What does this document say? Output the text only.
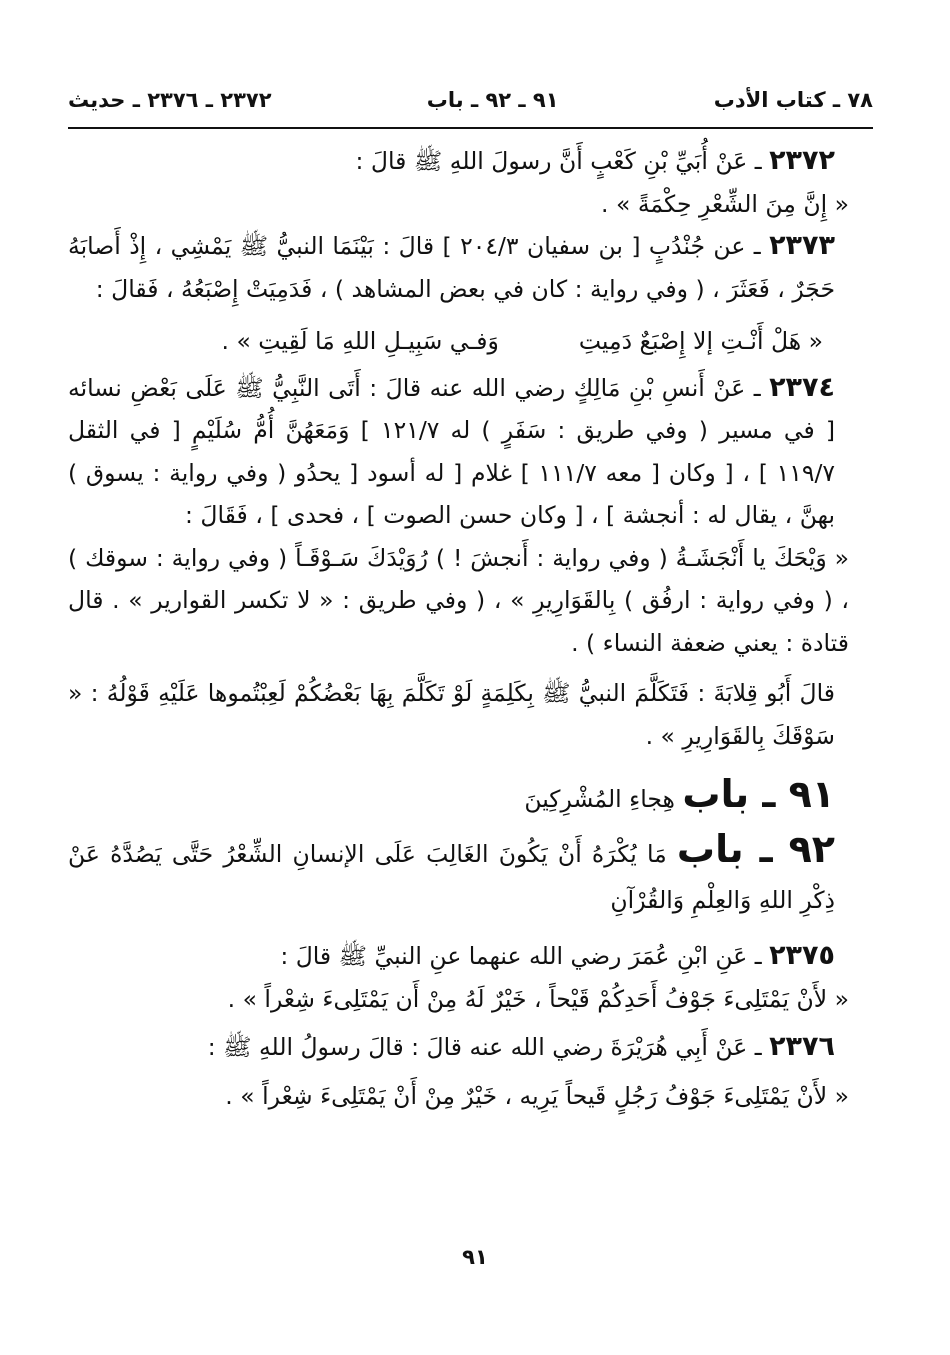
٧٨ ـ كتاب الأدب
٩١ ـ ٩٢ ـ باب
٢٣٧٢ ـ ٢٣٧٦ ـ حديث

٢٣٧٢ ـ عَنْ أُبَيِّ بْنِ كَعْبٍ أَنَّ رسولَ اللهِ ﷺ قالَ :

« إِنَّ مِنَ الشِّعْرِ حِكْمَةً » .

٢٣٧٣ ـ عن جُنْدُبٍ [ بن سفيان ٢٠٤/٣ ] قالَ : بَيْنَمَا النبيُّ ﷺ يَمْشِي ، إِذْ أَصابَهُ حَجَرٌ ، فَعَثَرَ ، ( وفي رواية : كان في بعض المشاهد ) ، فَدَمِيَتْ إِصْبَعُهُ ، فَقالَ :

« هَلْ أَنْـتِ إلا إِصْبَعٌ دَمِيتِ
وَفـي سَبِيـلِ اللهِ مَا لَقِيتِ » .

٢٣٧٤ ـ عَنْ أَنسِ بْنِ مَالِكٍ رضي الله عنه قالَ : أَتَى النَّبِيُّ ﷺ عَلَى بَعْضِ نسائه [ في مسير ( وفي طريق : سَفَرٍ ) له ١٢١/٧ ] وَمَعَهُنَّ أُمُّ سُلَيْمٍ [ في الثقل ١١٩/٧ ] ، [ وكان [ معه ١١١/٧ ] غلام [ له أسود [ يحدُو ( وفي رواية : يسوق ) بهنَّ ، يقال له : أنجشة ] ، [ وكان حسن الصوت ] ، فحدى ] ، فَقَالَ :

« وَيْحَكَ يا أَنْجَشَـةُ ( وفي رواية : أَنجشَ ! ) رُوَيْدَكَ سَـوْقَـاً ( وفي رواية : سوقك ) ، ( وفي رواية : ارفُق ) بِالقَوَارِيرِ » ، ( وفي طريق : « لا تكسر القوارير » . قال قتادة : يعني ضعفة النساء ) .

قالَ أَبُو قِلابَةَ : فَتَكَلَّمَ النبيُّ ﷺ بِكَلِمَةٍ لَوْ تَكَلَّمَ بِهَا بَعْضُكُمْ لَعِبْتُموها عَلَيْهِ قَوْلُهُ : « سَوْقَكَ بِالقَوَارِيرِ » .

٩١ ـ باب هِجاءِ المُشْرِكِينَ

٩٢ ـ باب مَا يُكْرَهُ أَنْ يَكُونَ الغَالِبَ عَلَى الإنسانِ الشِّعْرُ حَتَّى يَصُدَّهُ عَنْ ذِكْرِ اللهِ وَالعِلْمِ وَالقُرْآنِ

٢٣٧٥ ـ عَنِ ابْنِ عُمَرَ رضي الله عنهما عنِ النبيِّ ﷺ قالَ :

« لأَنْ يَمْتَلِىءَ جَوْفُ أَحَدِكُمْ قَيْحاً ، خَيْرٌ لَهُ مِنْ أَن يَمْتَلِىءَ شِعْراً » .

٢٣٧٦ ـ عَنْ أَبِي هُرَيْرَةَ رضي الله عنه قالَ : قالَ رسولُ اللهِ ﷺ :

« لأَنْ يَمْتَلِىءَ جَوْفُ رَجُلٍ قَيحاً يَرِيه ، خَيْرٌ مِنْ أَنْ يَمْتَلِىءَ شِعْراً » .

٩١
